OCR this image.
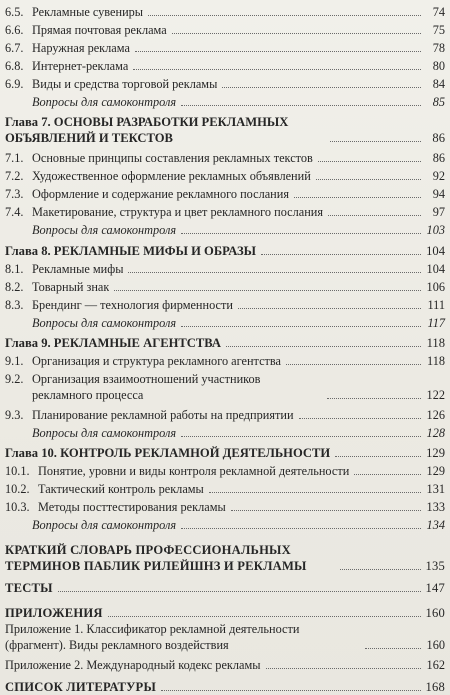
6.5. Рекламные сувениры	74
6.6. Прямая почтовая реклама	75
6.7. Наружная реклама	78
6.8. Интернет-реклама	80
6.9. Виды и средства торговой рекламы	84
Вопросы для самоконтроля	85
Глава 7. ОСНОВЫ РАЗРАБОТКИ РЕКЛАМНЫХ ОБЪЯВЛЕНИЙ И ТЕКСТОВ	86
7.1. Основные принципы составления рекламных текстов	86
7.2. Художественное оформление рекламных объявлений	92
7.3. Оформление и содержание рекламного послания	94
7.4. Макетирование, структура и цвет рекламного послания	97
Вопросы для самоконтроля	103
Глава 8. РЕКЛАМНЫЕ МИФЫ И ОБРАЗЫ	104
8.1. Рекламные мифы	104
8.2. Товарный знак	106
8.3. Брендинг — технология фирменности	111
Вопросы для самоконтроля	117
Глава 9. РЕКЛАМНЫЕ АГЕНТСТВА	118
9.1. Организация и структура рекламного агентства	118
9.2. Организация взаимоотношений участников рекламного процесса	122
9.3. Планирование рекламной работы на предприятии	126
Вопросы для самоконтроля	128
Глава 10. КОНТРОЛЬ РЕКЛАМНОЙ ДЕЯТЕЛЬНОСТИ	129
10.1. Понятие, уровни и виды контроля рекламной деятельности	129
10.2. Тактический контроль рекламы	131
10.3. Методы посттестирования рекламы	133
Вопросы для самоконтроля	134
КРАТКИЙ СЛОВАРЬ ПРОФЕССИОНАЛЬНЫХ ТЕРМИНОВ ПАБЛИК РИЛЕЙШНЗ И РЕКЛАМЫ	135
ТЕСТЫ	147
ПРИЛОЖЕНИЯ	160
Приложение 1. Классификатор рекламной деятельности (фрагмент). Виды рекламного воздействия	160
Приложение 2. Международный кодекс рекламы	162
СПИСОК ЛИТЕРАТУРЫ	168
